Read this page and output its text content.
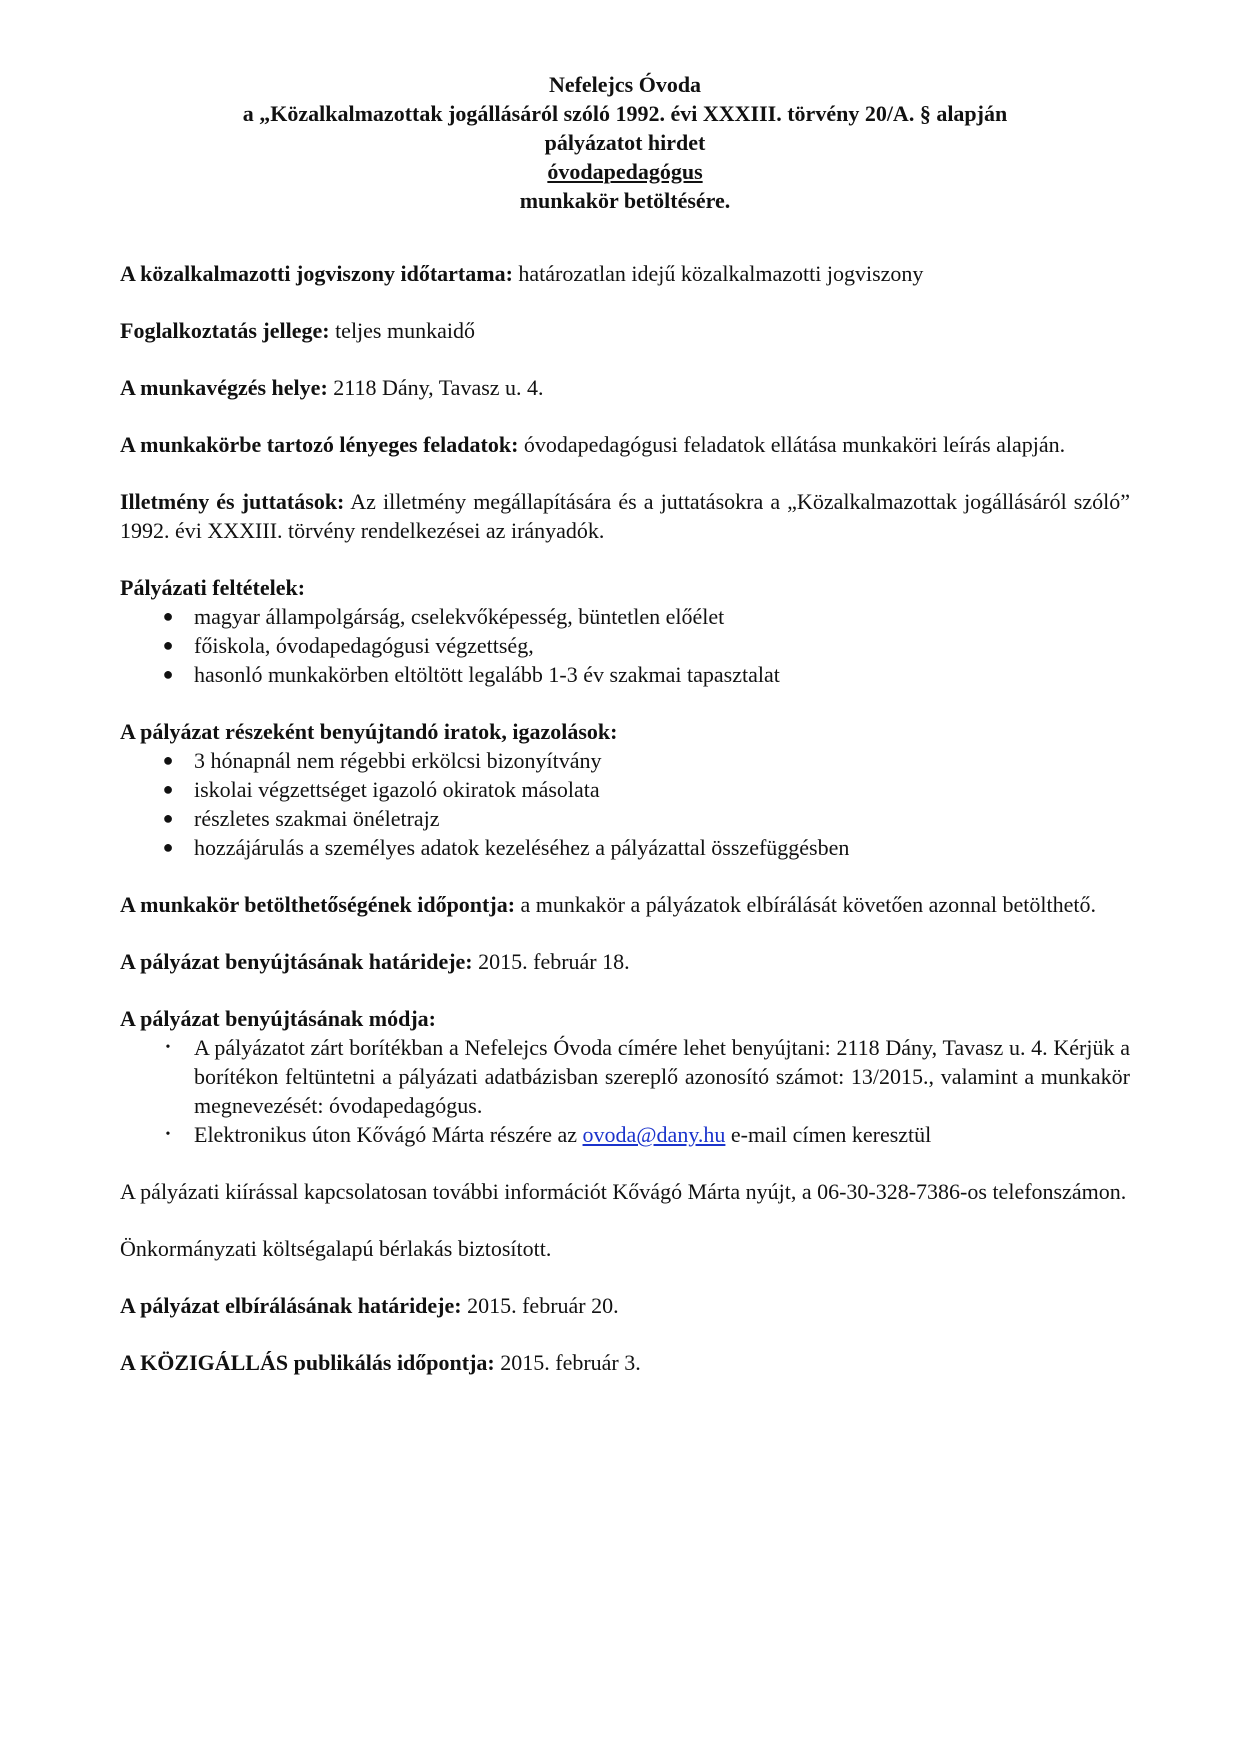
Nefelejcs Óvoda
a „Közalkalmazottak jogállásáról szóló 1992. évi XXXIII. törvény 20/A. § alapján
pályázatot hirdet
óvodapedagógus
munkakör betöltésére.

A közalkalmazotti jogviszony időtartama: határozatlan idejű közalkalmazotti jogviszony

Foglalkoztatás jellege: teljes munkaidő

A munkavégzés helye: 2118 Dány, Tavasz u. 4.

A munkakörbe tartozó lényeges feladatok: óvodapedagógusi feladatok ellátása munkaköri leírás alapján.

Illetmény és juttatások: Az illetmény megállapítására és a juttatásokra a „Közalkalmazottak jogállásáról szóló” 1992. évi XXXIII. törvény rendelkezései az irányadók.

Pályázati feltételek:
● magyar állampolgárság, cselekvőképesség, büntetlen előélet
● főiskola, óvodapedagógusi végzettség,
● hasonló munkakörben eltöltött legalább 1-3 év szakmai tapasztalat
A pályázat részeként benyújtandó iratok, igazolások:
● 3 hónapnál nem régebbi erkölcsi bizonyítvány
● iskolai végzettséget igazoló okiratok másolata
● részletes szakmai önéletrajz
● hozzájárulás a személyes adatok kezeléséhez a pályázattal összefüggésben

A munkakör betölthetőségének időpontja: a munkakör a pályázatok elbírálását követően azonnal betölthető.

A pályázat benyújtásának határideje: 2015. február 18.

A pályázat benyújtásának módja:
•	A pályázatot zárt borítékban a Nefelejcs Óvoda címére lehet benyújtani: 2118 Dány, Tavasz u. 4. Kérjük a borítékon feltüntetni a pályázati adatbázisban szereplő azonosító számot: 13/2015., valamint a munkakör megnevezését: óvodapedagógus.
•	Elektronikus úton Kővágó Márta részére az ovoda@dany.hu e-mail címen keresztül

A pályázati kiírással kapcsolatosan további információt Kővágó Márta nyújt, a 06-30-328-7386-os telefonszámon.

Önkormányzati költségalapú bérlakás biztosított.

A pályázat elbírálásának határideje: 2015. február 20.

A KÖZIGÁLLÁS publikálás időpontja: 2015. február 3.
